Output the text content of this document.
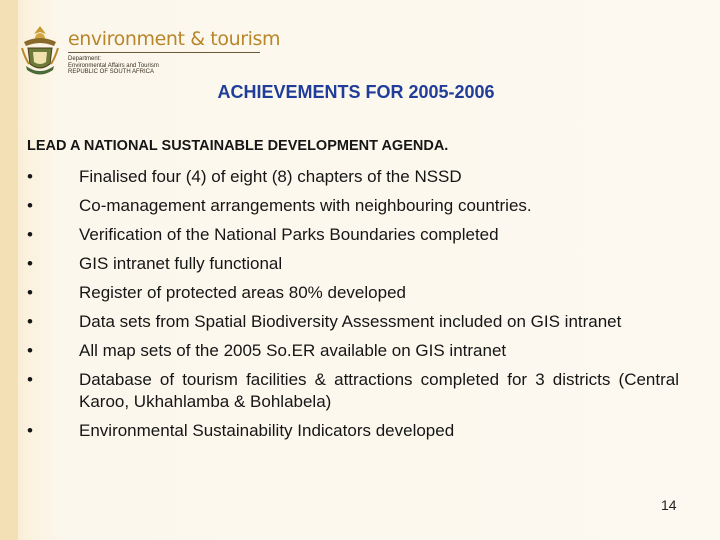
environment & tourism
Department:
Environmental Affairs and Tourism
REPUBLIC OF SOUTH AFRICA
ACHIEVEMENTS FOR 2005-2006
LEAD A NATIONAL SUSTAINABLE DEVELOPMENT AGENDA.
•	Finalised four (4) of eight (8) chapters of the NSSD
•	Co-management arrangements with neighbouring countries.
•	Verification of the National Parks Boundaries completed
•	GIS intranet fully functional
•	Register of protected areas 80% developed
•	Data sets from Spatial Biodiversity Assessment included on GIS intranet
•	All map sets of the 2005 So.ER available on GIS intranet
•	Database of tourism facilities & attractions completed for 3 districts (Central Karoo, Ukhahlamba & Bohlabela)
•	Environmental Sustainability Indicators developed
14
